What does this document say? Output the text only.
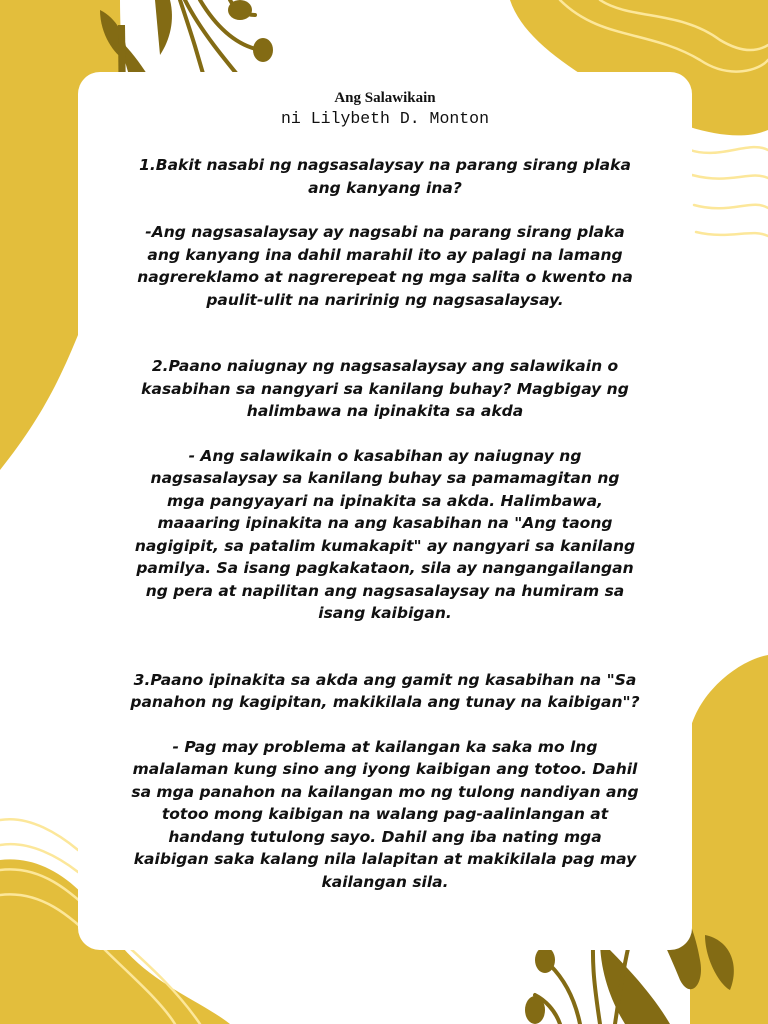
Ang Salawikain

ni Lilybeth D. Monton

1.Bakit nasabi ng nagsasalaysay na parang sirang plaka ang kanyang ina?

-Ang nagsasalaysay ay nagsabi na parang sirang plaka ang kanyang ina dahil marahil ito ay palagi na lamang nagrereklamo at nagrerepeat ng mga salita o kwento na paulit-ulit na naririnig ng nagsasalaysay.

2.Paano naiugnay ng nagsasalaysay ang salawikain o kasabihan sa nangyari sa kanilang buhay? Magbigay ng halimbawa na ipinakita sa akda

- Ang salawikain o kasabihan ay naiugnay ng nagsasalaysay sa kanilang buhay sa pamamagitan ng mga pangyayari na ipinakita sa akda. Halimbawa, maaaring ipinakita na ang kasabihan na "Ang taong nagigipit, sa patalim kumakapit" ay nangyari sa kanilang pamilya. Sa isang pagkakataon, sila ay nangangailangan ng pera at napilitan ang nagsasalaysay na humiram sa isang kaibigan.

3.Paano ipinakita sa akda ang gamit ng kasabihan na "Sa panahon ng kagipitan, makikilala ang tunay na kaibigan"?

- Pag may problema at kailangan ka saka mo lng malalaman kung sino ang iyong kaibigan ang totoo. Dahil sa mga panahon na kailangan mo ng tulong nandiyan ang totoo mong kaibigan na walang pag-aalinlangan at handang tutulong sayo. Dahil ang iba nating mga kaibigan saka kalang nila lalapitan at makikilala pag may kailangan sila.
